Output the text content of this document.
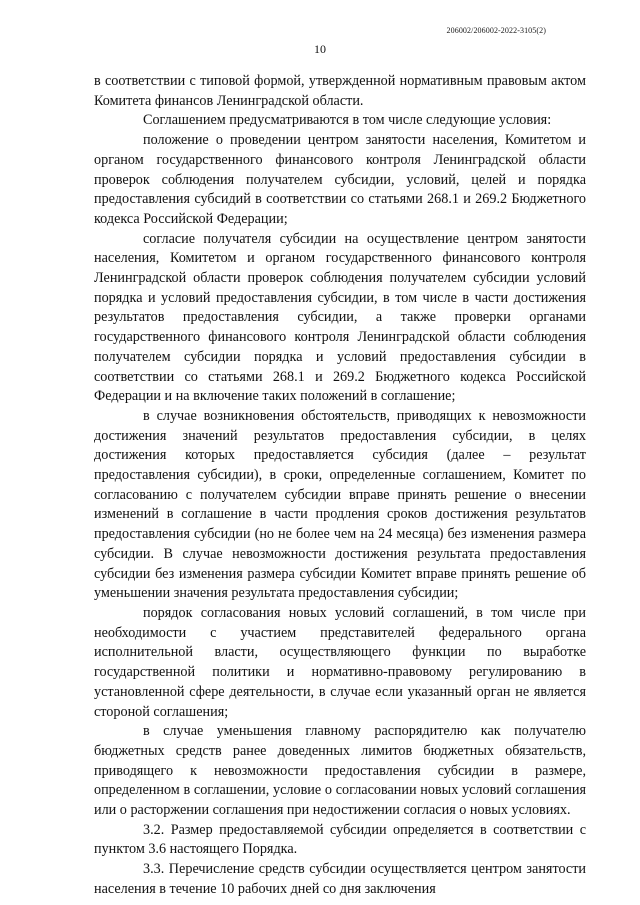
206002/206002-2022-3105(2)
10

в соответствии с типовой формой, утвержденной нормативным правовым актом Комитета финансов Ленинградской области.

Соглашением предусматриваются в том числе следующие условия:

положение о проведении центром занятости населения, Комитетом и органом государственного финансового контроля Ленинградской области проверок соблюдения получателем субсидии, условий, целей и порядка предоставления субсидий в соответствии со статьями 268.1 и 269.2 Бюджетного кодекса Российской Федерации;

согласие получателя субсидии на осуществление центром занятости населения, Комитетом и органом государственного финансового контроля Ленинградской области проверок соблюдения получателем субсидии условий порядка и условий предоставления субсидии, в том числе в части достижения результатов предоставления субсидии, а также проверки органами государственного финансового контроля Ленинградской области соблюдения получателем субсидии порядка и условий предоставления субсидии в соответствии со статьями 268.1 и 269.2 Бюджетного кодекса Российской Федерации и на включение таких положений в соглашение;

в случае возникновения обстоятельств, приводящих к невозможности достижения значений результатов предоставления субсидии, в целях достижения которых предоставляется субсидия (далее – результат предоставления субсидии), в сроки, определенные соглашением, Комитет по согласованию с получателем субсидии вправе принять решение о внесении изменений в соглашение в части продления сроков достижения результатов предоставления субсидии (но не более чем на 24 месяца) без изменения размера субсидии. В случае невозможности достижения результата предоставления субсидии без изменения размера субсидии Комитет вправе принять решение об уменьшении значения результата предоставления субсидии;

порядок согласования новых условий соглашений, в том числе при необходимости с участием представителей федерального органа исполнительной власти, осуществляющего функции по выработке государственной политики и нормативно-правовому регулированию в установленной сфере деятельности, в случае если указанный орган не является стороной соглашения;

в случае уменьшения главному распорядителю как получателю бюджетных средств ранее доведенных лимитов бюджетных обязательств, приводящего к невозможности предоставления субсидии в размере, определенном в соглашении, условие о согласовании новых условий соглашения или о расторжении соглашения при недостижении согласия о новых условиях.

3.2. Размер предоставляемой субсидии определяется в соответствии с пунктом 3.6 настоящего Порядка.

3.3. Перечисление средств субсидии осуществляется центром занятости населения в течение 10 рабочих дней со дня заключения
